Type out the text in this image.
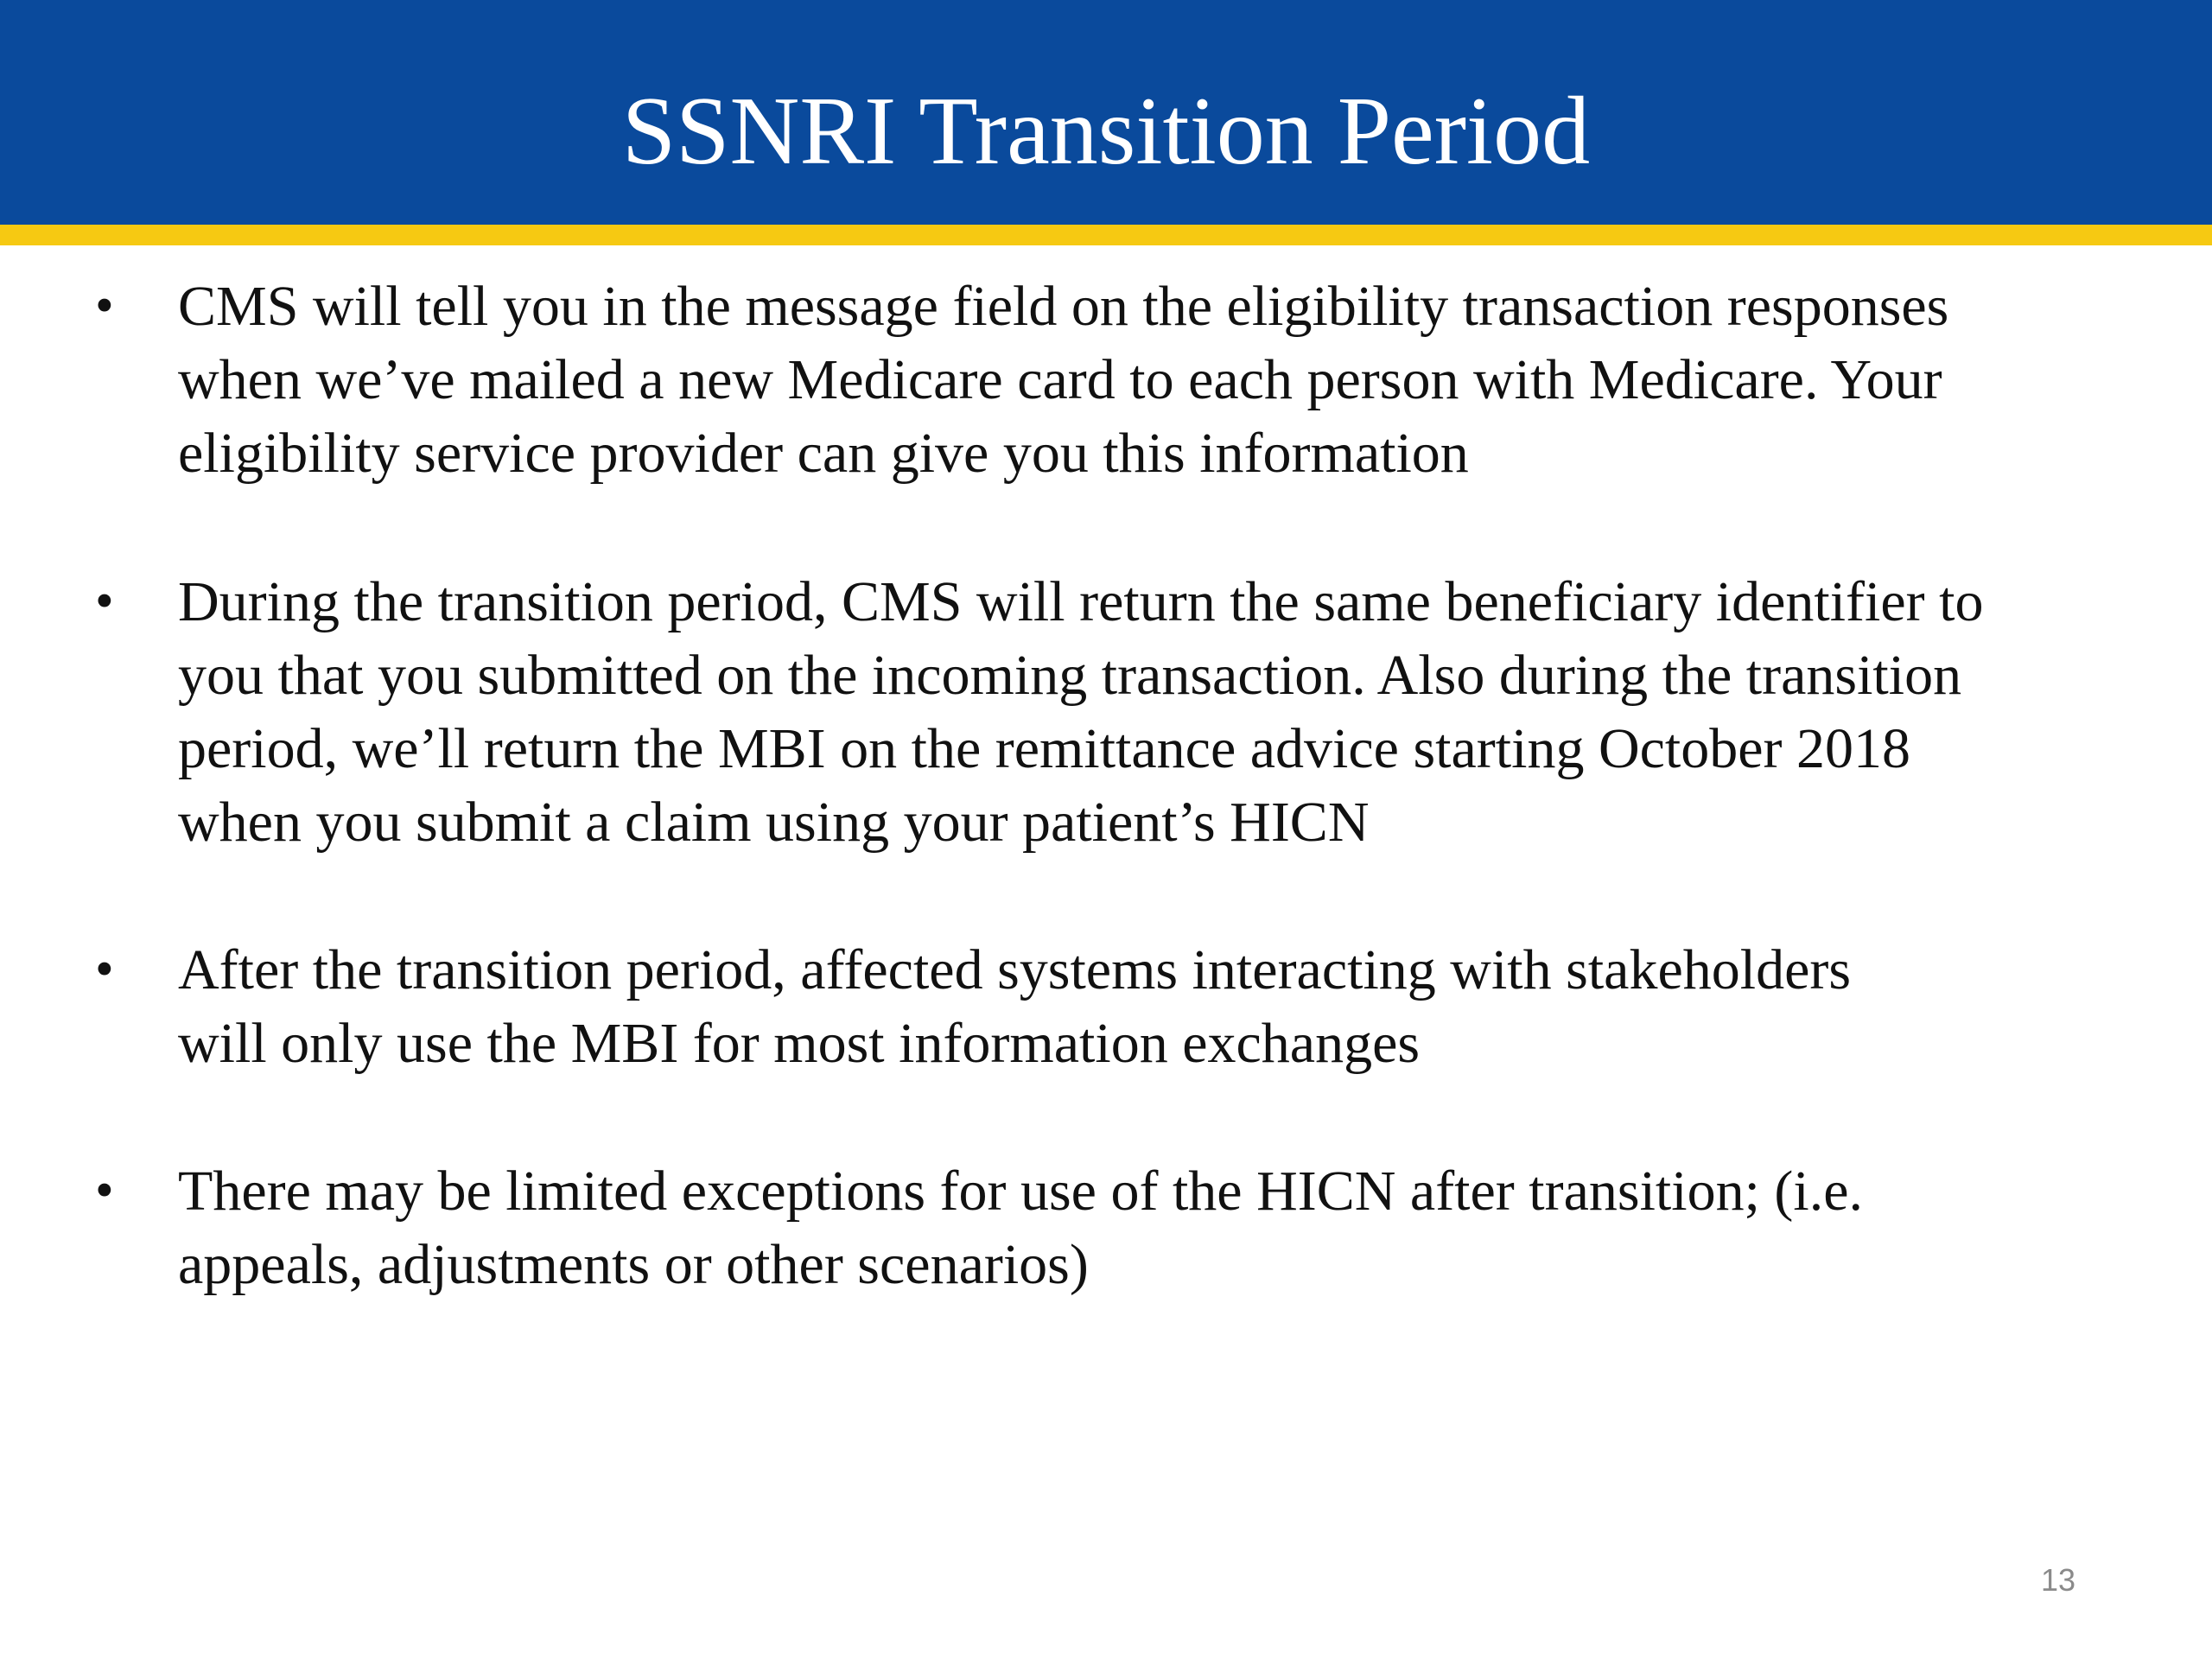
SSNRI Transition Period
• CMS will tell you in the message field on the eligibility transaction responses
when we’ve mailed a new Medicare card to each person with Medicare. Your
eligibility service provider can give you this information

• During the transition period, CMS will return the same beneficiary identifier to
you that you submitted on the incoming transaction. Also during the transition
period, we’ll return the MBI on the remittance advice starting October 2018
when you submit a claim using your patient’s HICN

• After the transition period, affected systems interacting with stakeholders
will only use the MBI for most information exchanges

• There may be limited exceptions for use of the HICN after transition; (i.e.
appeals, adjustments or other scenarios)

13
